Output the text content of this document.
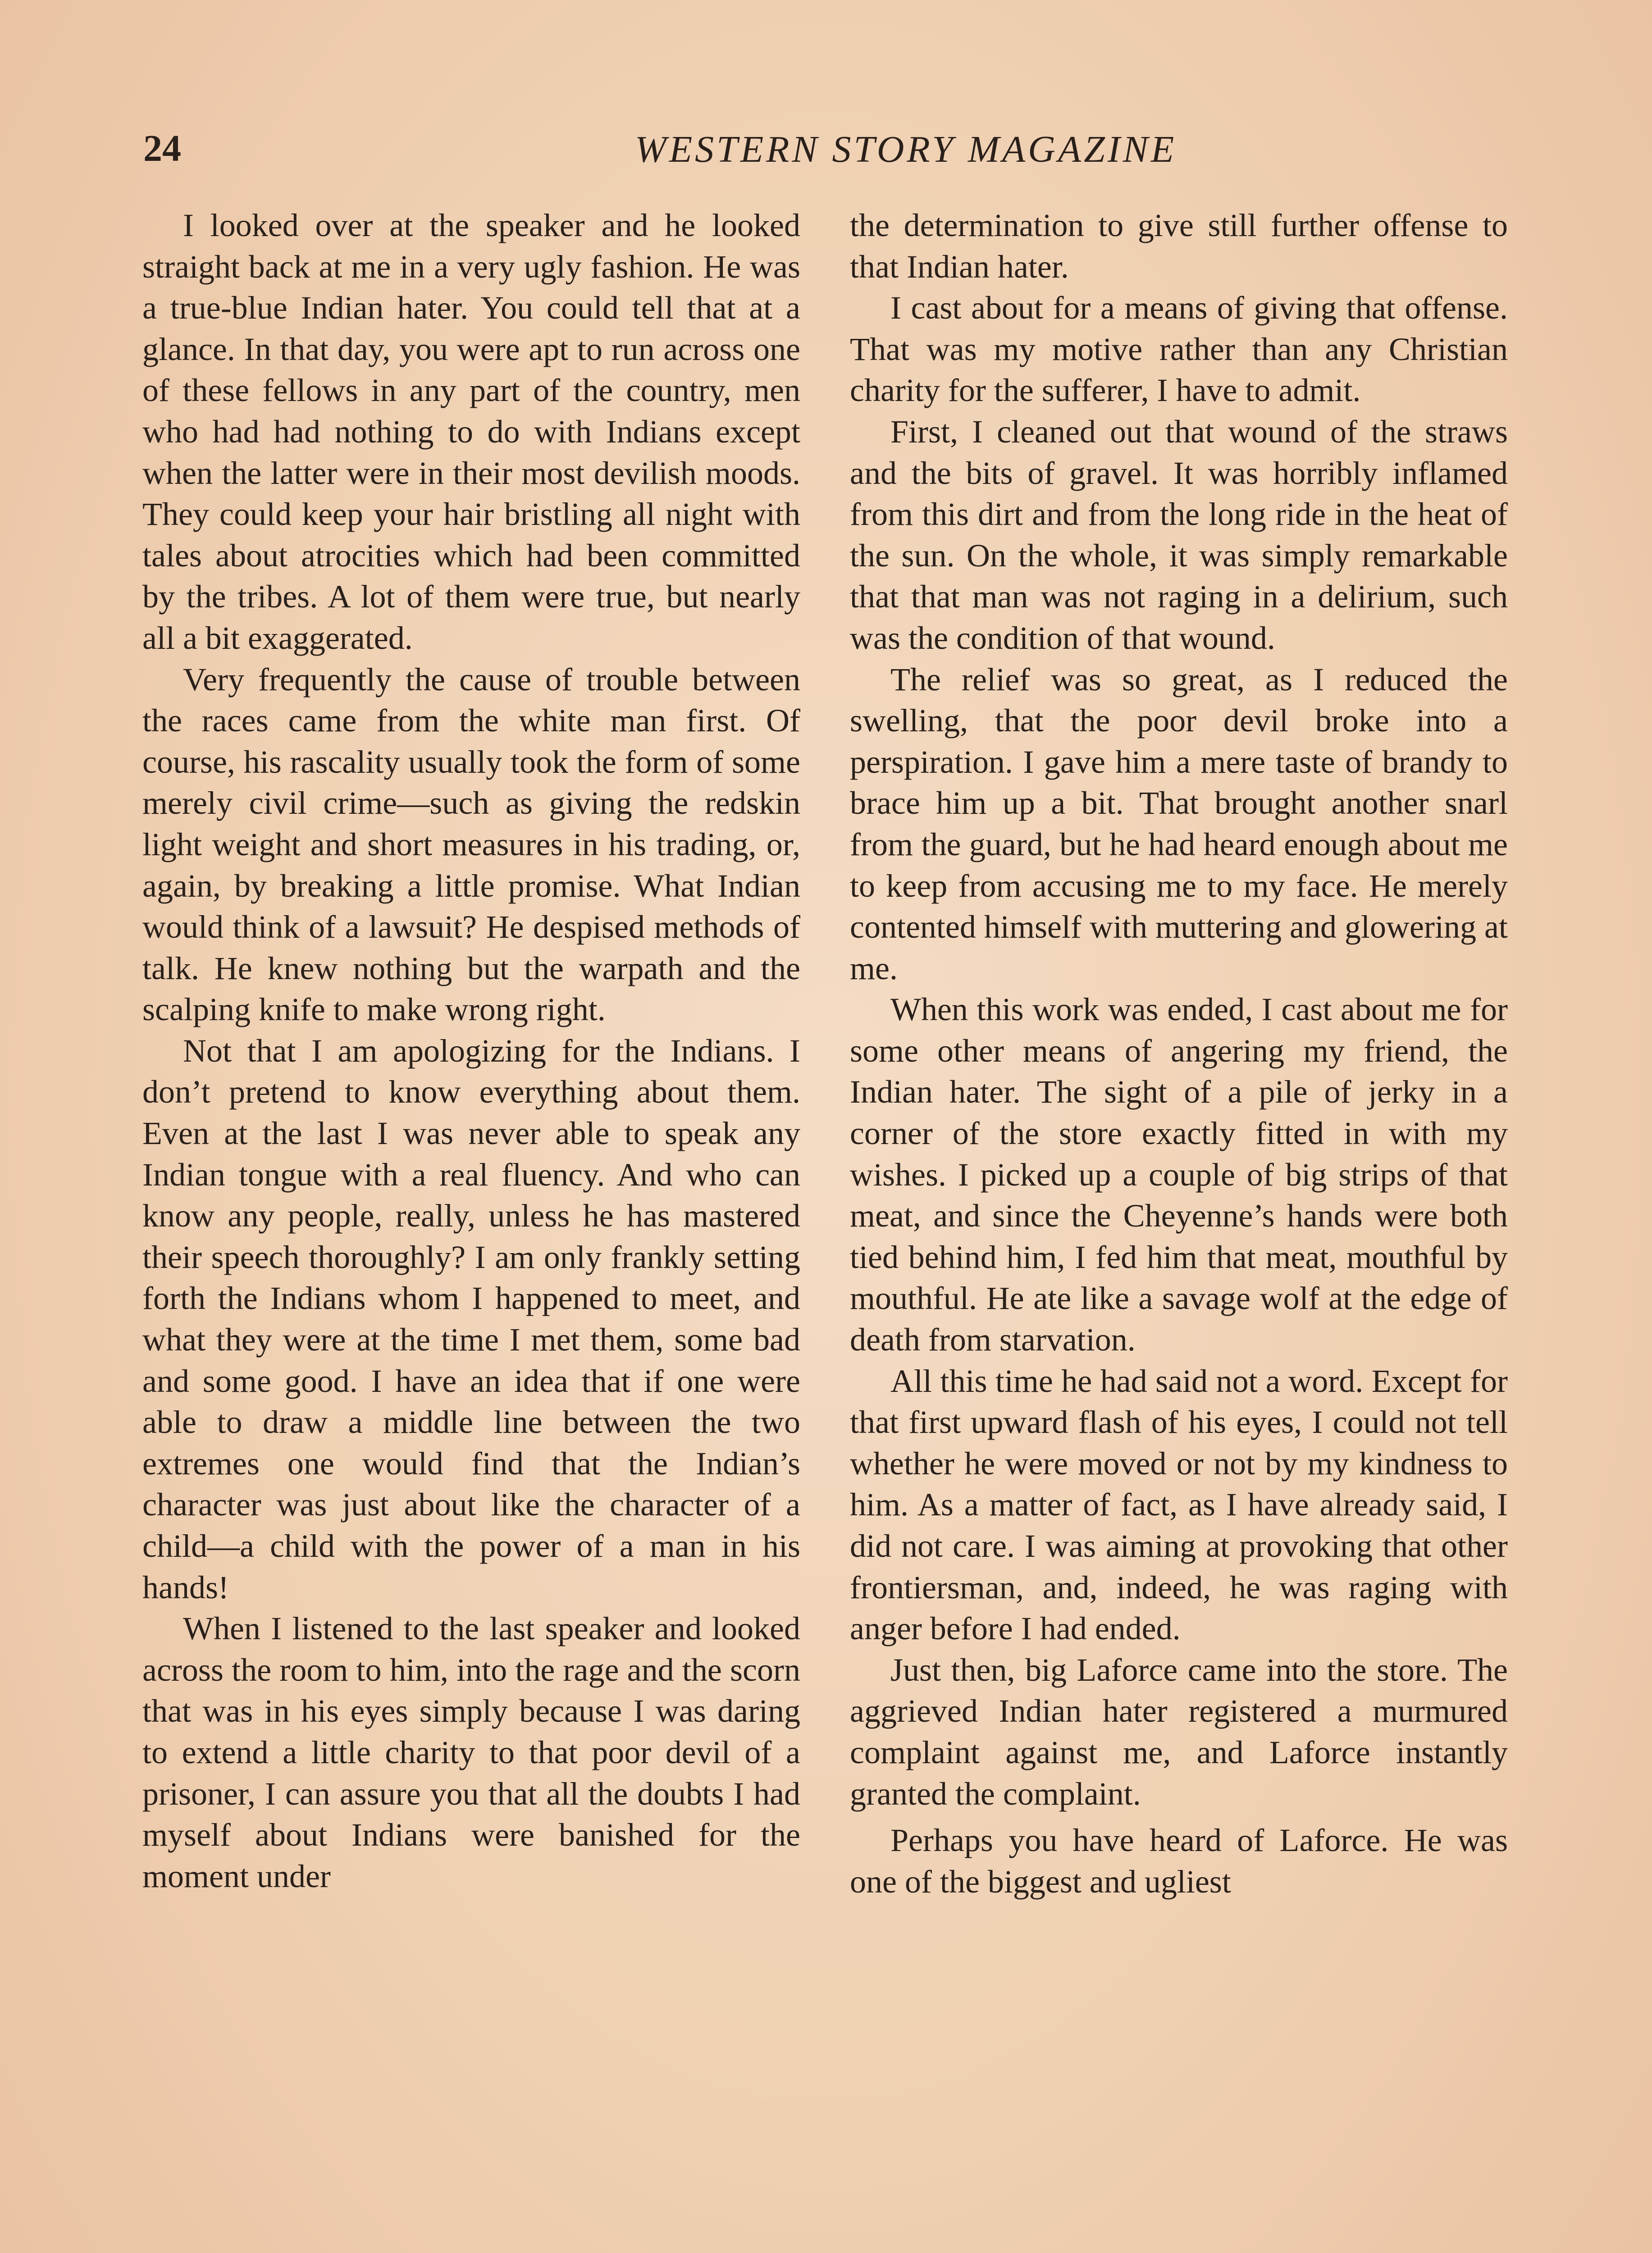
24	WESTERN STORY MAGAZINE

I looked over at the speaker and he looked straight back at me in a very ugly fashion. He was a true-blue Indian hater. You could tell that at a glance. In that day, you were apt to run across one of these fellows in any part of the country, men who had had nothing to do with Indians except when the latter were in their most devilish moods. They could keep your hair bristling all night with tales about atrocities which had been committed by the tribes. A lot of them were true, but nearly all a bit exaggerated.

Very frequently the cause of trouble between the races came from the white man first. Of course, his rascality usually took the form of some merely civil crime—such as giving the redskin light weight and short measures in his trading, or, again, by breaking a little promise. What Indian would think of a lawsuit? He despised methods of talk. He knew nothing but the warpath and the scalping knife to make wrong right.

Not that I am apologizing for the Indians. I don’t pretend to know everything about them. Even at the last I was never able to speak any Indian tongue with a real fluency. And who can know any people, really, unless he has mastered their speech thoroughly? I am only frankly setting forth the Indians whom I happened to meet, and what they were at the time I met them, some bad and some good. I have an idea that if one were able to draw a middle line between the two extremes one would find that the Indian’s character was just about like the character of a child—a child with the power of a man in his hands!

When I listened to the last speaker and looked across the room to him, into the rage and the scorn that was in his eyes simply because I was daring to extend a little charity to that poor devil of a prisoner, I can assure you that all the doubts I had myself about Indians were banished for the moment under

the determination to give still further offense to that Indian hater.

I cast about for a means of giving that offense. That was my motive rather than any Christian charity for the sufferer, I have to admit.

First, I cleaned out that wound of the straws and the bits of gravel. It was horribly inflamed from this dirt and from the long ride in the heat of the sun. On the whole, it was simply remarkable that that man was not raging in a delirium, such was the condition of that wound.

The relief was so great, as I reduced the swelling, that the poor devil broke into a perspiration. I gave him a mere taste of brandy to brace him up a bit. That brought another snarl from the guard, but he had heard enough about me to keep from accusing me to my face. He merely contented himself with muttering and glowering at me.

When this work was ended, I cast about me for some other means of angering my friend, the Indian hater. The sight of a pile of jerky in a corner of the store exactly fitted in with my wishes. I picked up a couple of big strips of that meat, and since the Cheyenne’s hands were both tied behind him, I fed him that meat, mouthful by mouthful. He ate like a savage wolf at the edge of death from starvation.

All this time he had said not a word. Except for that first upward flash of his eyes, I could not tell whether he were moved or not by my kindness to him. As a matter of fact, as I have already said, I did not care. I was aiming at provoking that other frontiersman, and, indeed, he was raging with anger before I had ended.

Just then, big Laforce came into the store. The aggrieved Indian hater registered a murmured complaint against me, and Laforce instantly granted the complaint.

Perhaps you have heard of Laforce. He was one of the biggest and ugliest
